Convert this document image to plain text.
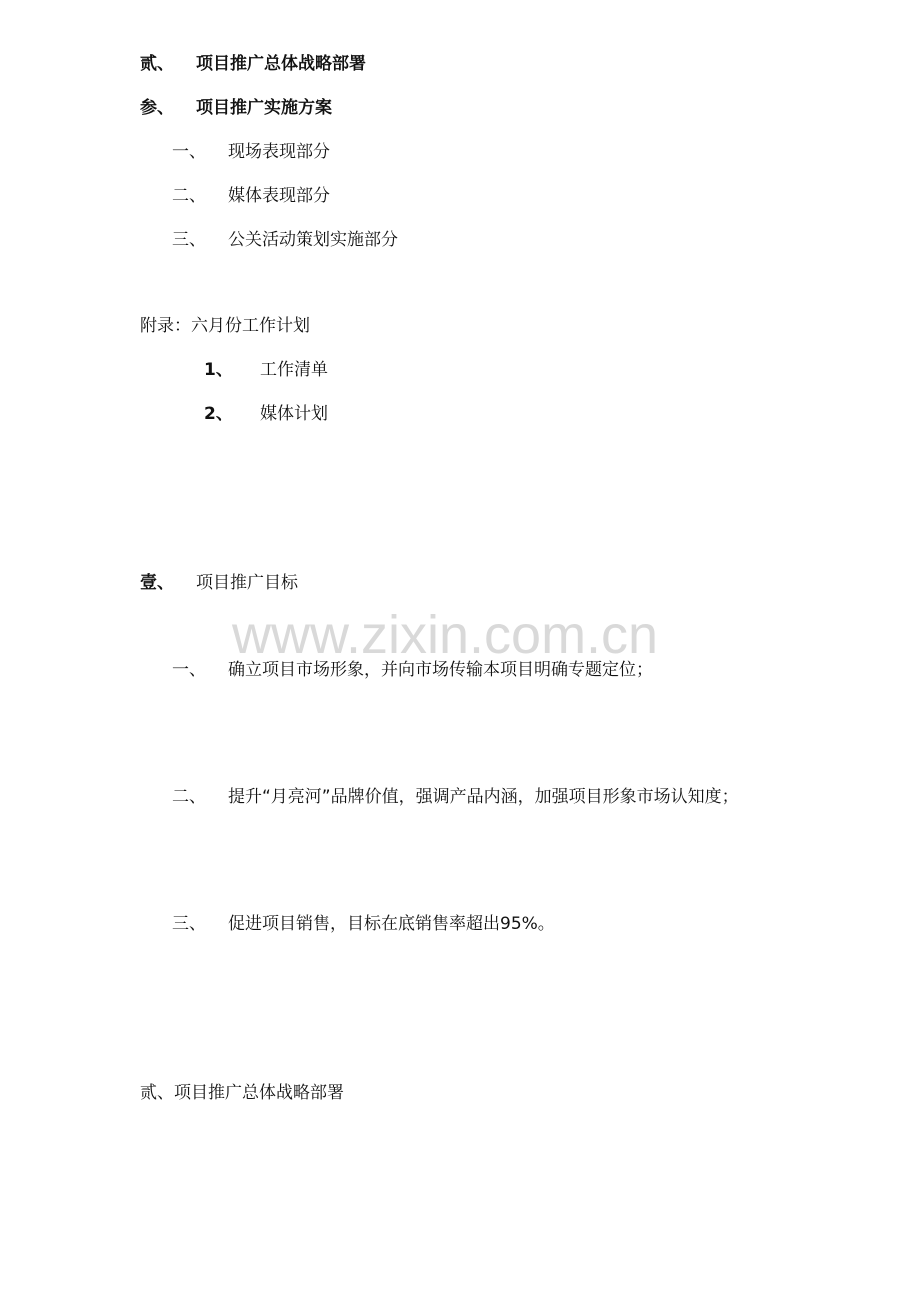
www.zixin.com.cn
贰、 项目推广总体战略部署
参、 项目推广实施方案
一、 现场表现部分
二、 媒体表现部分
三、 公关活动策划实施部分
附录：六月份工作计划
1、 工作清单
2、 媒体计划
壹、 项目推广目标
一、 确立项目市场形象，并向市场传输本项目明确专题定位；
二、 提升“月亮河”品牌价值，强调产品内涵，加强项目形象市场认知度；
三、 促进项目销售，目标在底销售率超出95%。
贰、项目推广总体战略部署
